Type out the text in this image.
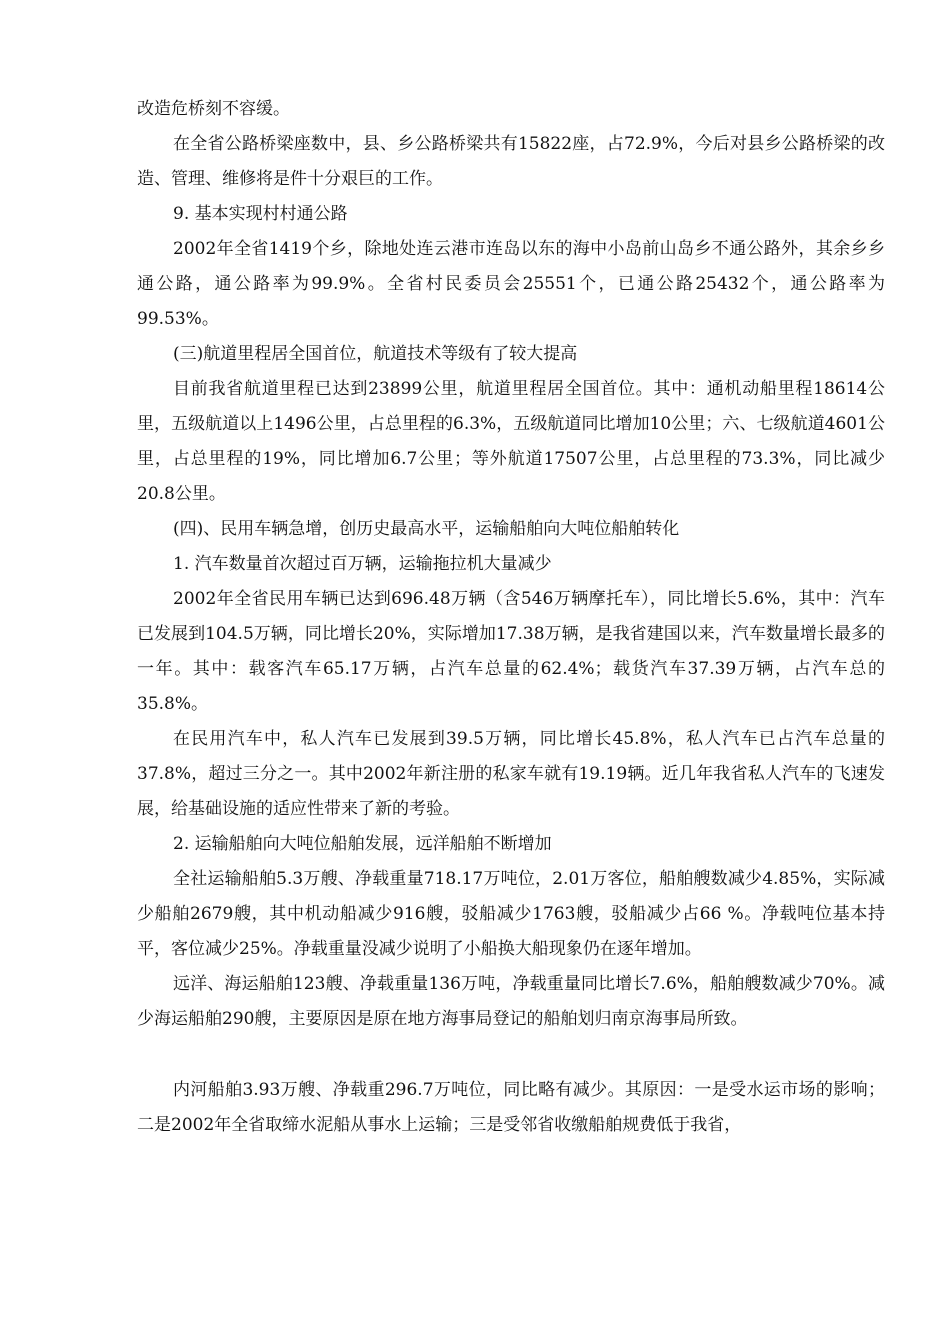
改造危桥刻不容缓。

在全省公路桥梁座数中，县、乡公路桥梁共有15822座，占72.9%，今后对县乡公路桥梁的改造、管理、维修将是件十分艰巨的工作。

9. 基本实现村村通公路

2002年全省1419个乡，除地处连云港市连岛以东的海中小岛前山岛乡不通公路外，其余乡乡通公路，通公路率为99.9%。全省村民委员会25551个，已通公路25432个，通公路率为99.53%。

(三)航道里程居全国首位，航道技术等级有了较大提高

目前我省航道里程已达到23899公里，航道里程居全国首位。其中：通机动船里程18614公里，五级航道以上1496公里，占总里程的6.3%，五级航道同比增加10公里；六、七级航道4601公里，占总里程的19%，同比增加6.7公里；等外航道17507公里，占总里程的73.3%，同比减少20.8公里。

(四)、民用车辆急增，创历史最高水平，运输船舶向大吨位船舶转化

1. 汽车数量首次超过百万辆，运输拖拉机大量减少

2002年全省民用车辆已达到696.48万辆（含546万辆摩托车），同比增长5.6%，其中：汽车已发展到104.5万辆，同比增长20%，实际增加17.38万辆，是我省建国以来，汽车数量增长最多的一年。其中：载客汽车65.17万辆，占汽车总量的62.4%；载货汽车37.39万辆，占汽车总的35.8%。

在民用汽车中，私人汽车已发展到39.5万辆，同比增长45.8%，私人汽车已占汽车总量的37.8%，超过三分之一。其中2002年新注册的私家车就有19.19辆。近几年我省私人汽车的飞速发展，给基础设施的适应性带来了新的考验。

2. 运输船舶向大吨位船舶发展，远洋船舶不断增加

全社运输船舶5.3万艘、净载重量718.17万吨位，2.01万客位，船舶艘数减少4.85%，实际减少船舶2679艘，其中机动船减少916艘，驳船减少1763艘，驳船减少占66 %。净载吨位基本持平，客位减少25%。净载重量没减少说明了小船换大船现象仍在逐年增加。

远洋、海运船舶123艘、净载重量136万吨，净载重量同比增长7.6%，船舶艘数减少70%。减少海运船舶290艘，主要原因是原在地方海事局登记的船舶划归南京海事局所致。

内河船舶3.93万艘、净载重296.7万吨位，同比略有减少。其原因：一是受水运市场的影响；二是2002年全省取缔水泥船从事水上运输；三是受邻省收缴船舶规费低于我省，
